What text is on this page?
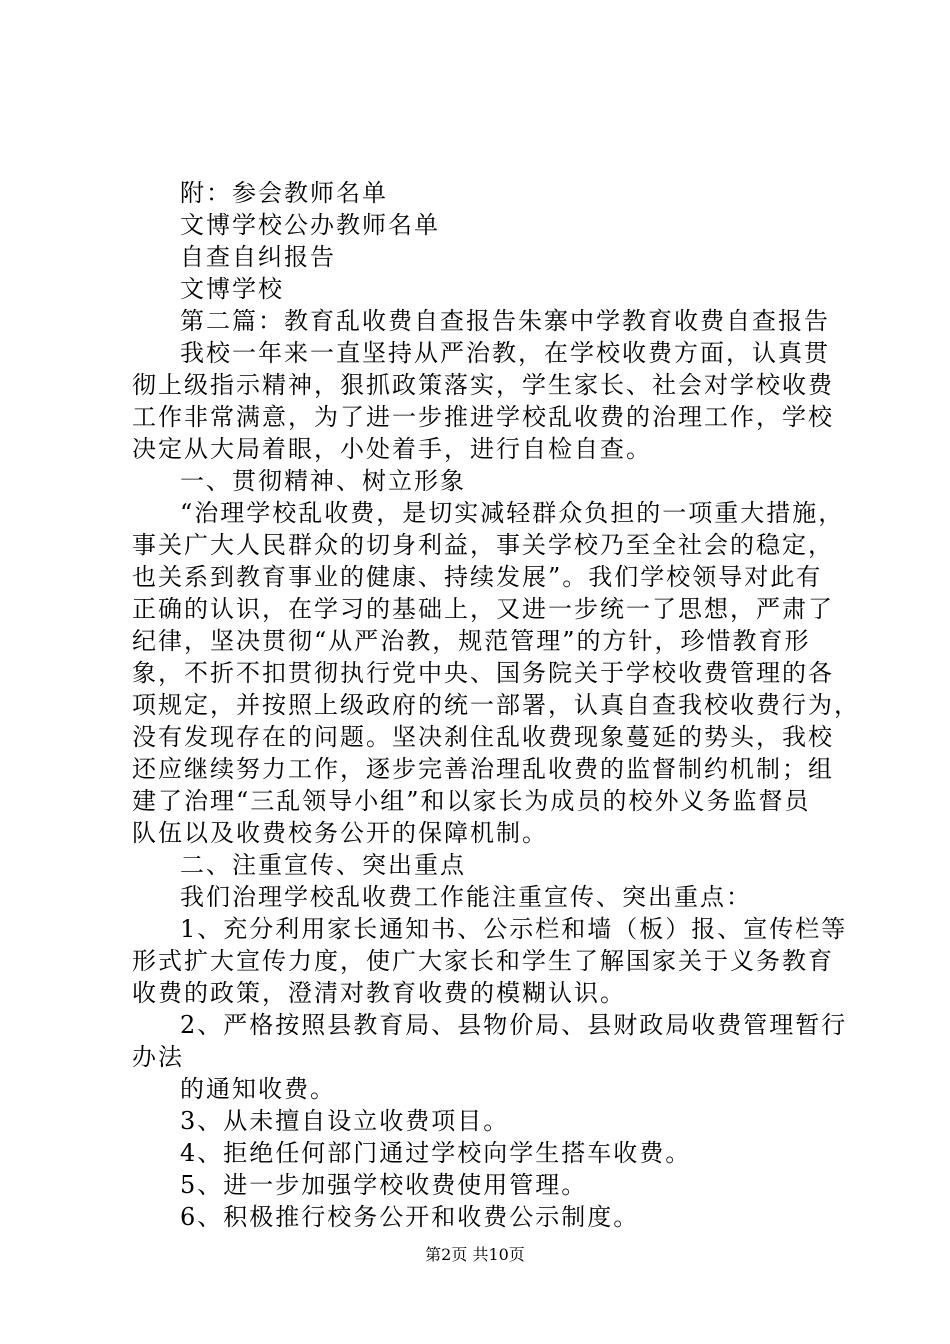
附：参会教师名单
文博学校公办教师名单
自查自纠报告
文博学校
第二篇：教育乱收费自查报告朱寨中学教育收费自查报告
我校一年来一直坚持从严治教，在学校收费方面，认真贯
彻上级指示精神，狠抓政策落实，学生家长、社会对学校收费
工作非常满意，为了进一步推进学校乱收费的治理工作，学校
决定从大局着眼，小处着手，进行自检自查。
一、贯彻精神、树立形象
“治理学校乱收费，是切实减轻群众负担的一项重大措施，
事关广大人民群众的切身利益，事关学校乃至全社会的稳定，
也关系到教育事业的健康、持续发展”。我们学校领导对此有
正确的认识，在学习的基础上，又进一步统一了思想，严肃了
纪律，坚决贯彻“从严治教，规范管理”的方针，珍惜教育形
象，不折不扣贯彻执行党中央、国务院关于学校收费管理的各
项规定，并按照上级政府的统一部署，认真自查我校收费行为，
没有发现存在的问题。坚决刹住乱收费现象蔓延的势头，我校
还应继续努力工作，逐步完善治理乱收费的监督制约机制；组
建了治理“三乱领导小组”和以家长为成员的校外义务监督员
队伍以及收费校务公开的保障机制。
二、注重宣传、突出重点
我们治理学校乱收费工作能注重宣传、突出重点：
1、充分利用家长通知书、公示栏和墙（板）报、宣传栏等
形式扩大宣传力度，使广大家长和学生了解国家关于义务教育
收费的政策，澄清对教育收费的模糊认识。
2、严格按照县教育局、县物价局、县财政局收费管理暂行
办法
的通知收费。
3、从未擅自设立收费项目。
4、拒绝任何部门通过学校向学生搭车收费。
5、进一步加强学校收费使用管理。
6、积极推行校务公开和收费公示制度。
第2页 共10页
